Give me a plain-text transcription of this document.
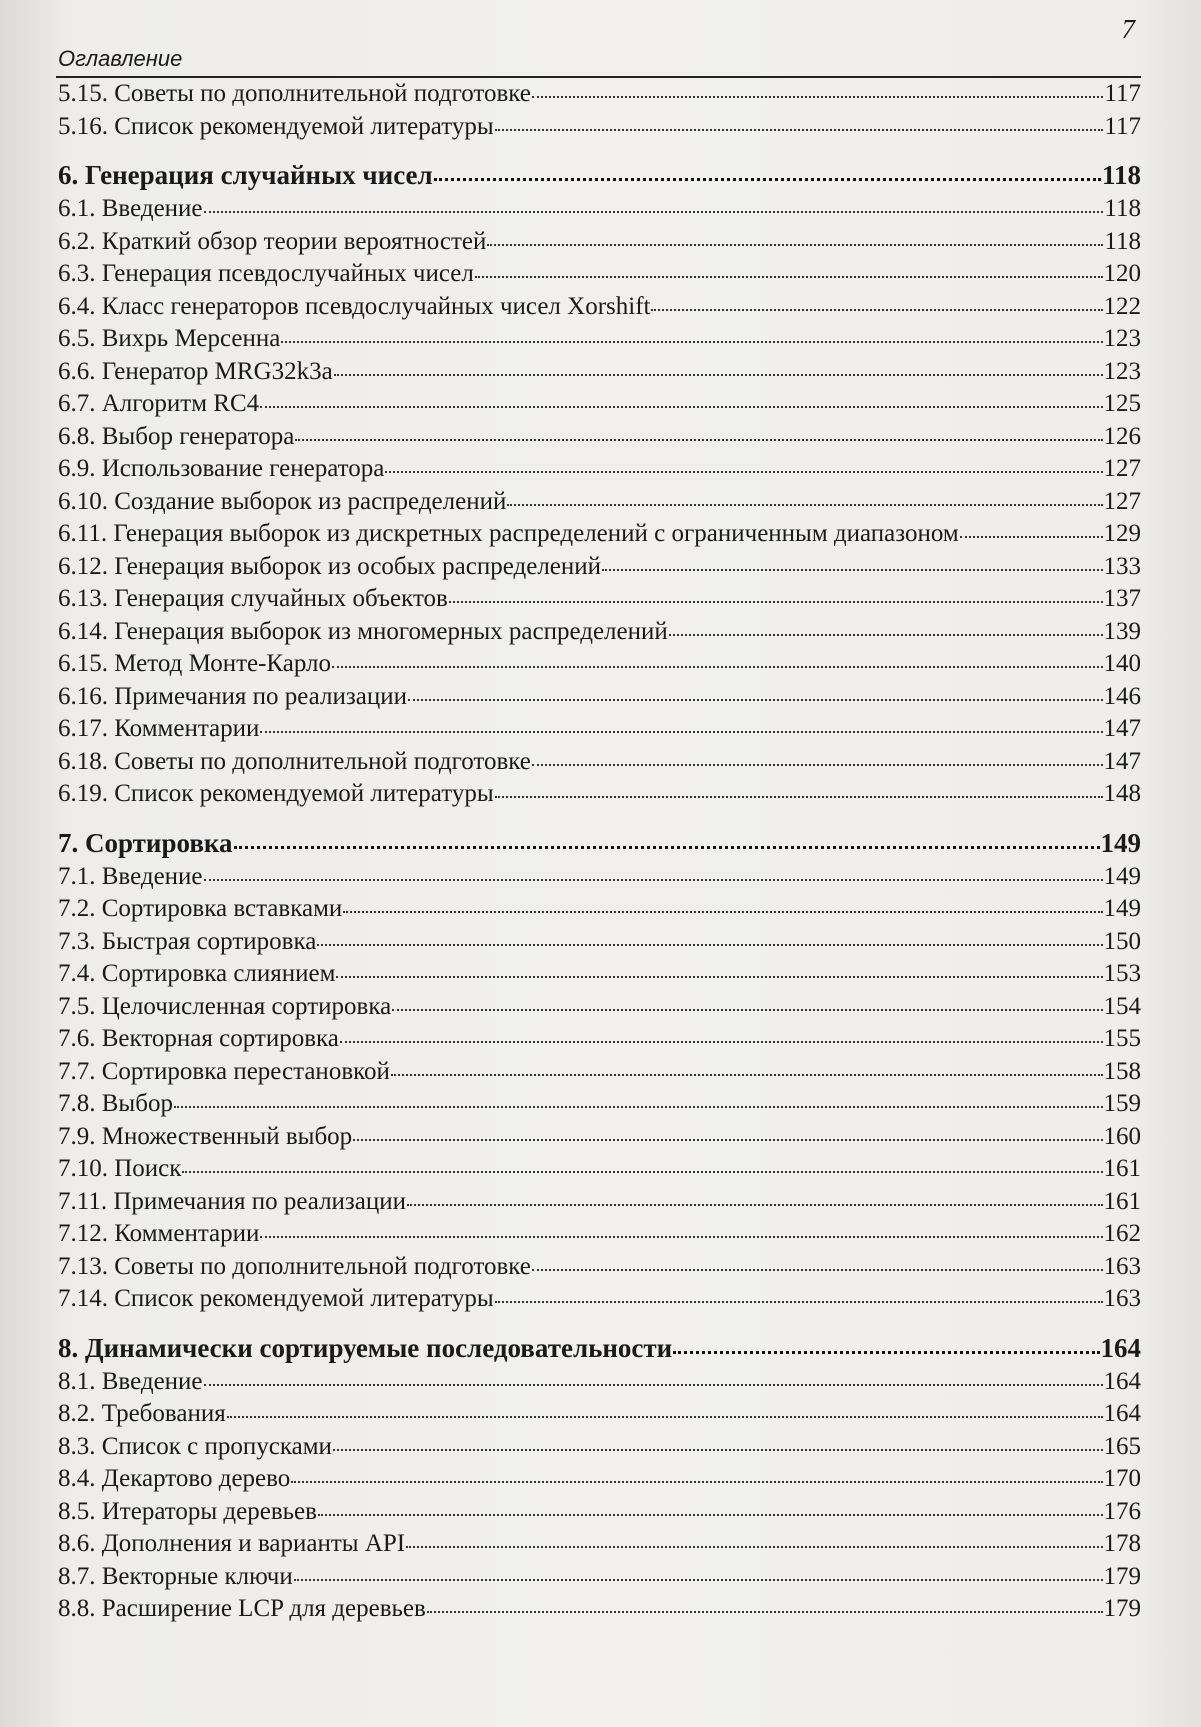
7
Оглавление
5.15. Советы по дополнительной подготовке	117
5.16. Список рекомендуемой литературы	117
6. Генерация случайных чисел	118
6.1. Введение	118
6.2. Краткий обзор теории вероятностей	118
6.3. Генерация псевдослучайных чисел	120
6.4. Класс генераторов псевдослучайных чисел Xorshift	122
6.5. Вихрь Мерсенна	123
6.6. Генератор MRG32k3a	123
6.7. Алгоритм RC4	125
6.8. Выбор генератора	126
6.9. Использование генератора	127
6.10. Создание выборок из распределений	127
6.11. Генерация выборок из дискретных распределений с ограниченным диапазоном	129
6.12. Генерация выборок из особых распределений	133
6.13. Генерация случайных объектов	137
6.14. Генерация выборок из многомерных распределений	139
6.15. Метод Монте-Карло	140
6.16. Примечания по реализации	146
6.17. Комментарии	147
6.18. Советы по дополнительной подготовке	147
6.19. Список рекомендуемой литературы	148
7. Сортировка	149
7.1. Введение	149
7.2. Сортировка вставками	149
7.3. Быстрая сортировка	150
7.4. Сортировка слиянием	153
7.5. Целочисленная сортировка	154
7.6. Векторная сортировка	155
7.7. Сортировка перестановкой	158
7.8. Выбор	159
7.9. Множественный выбор	160
7.10. Поиск	161
7.11. Примечания по реализации	161
7.12. Комментарии	162
7.13. Советы по дополнительной подготовке	163
7.14. Список рекомендуемой литературы	163
8. Динамически сортируемые последовательности	164
8.1. Введение	164
8.2. Требования	164
8.3. Список с пропусками	165
8.4. Декартово дерево	170
8.5. Итераторы деревьев	176
8.6. Дополнения и варианты API	178
8.7. Векторные ключи	179
8.8. Расширение LCP для деревьев	179
